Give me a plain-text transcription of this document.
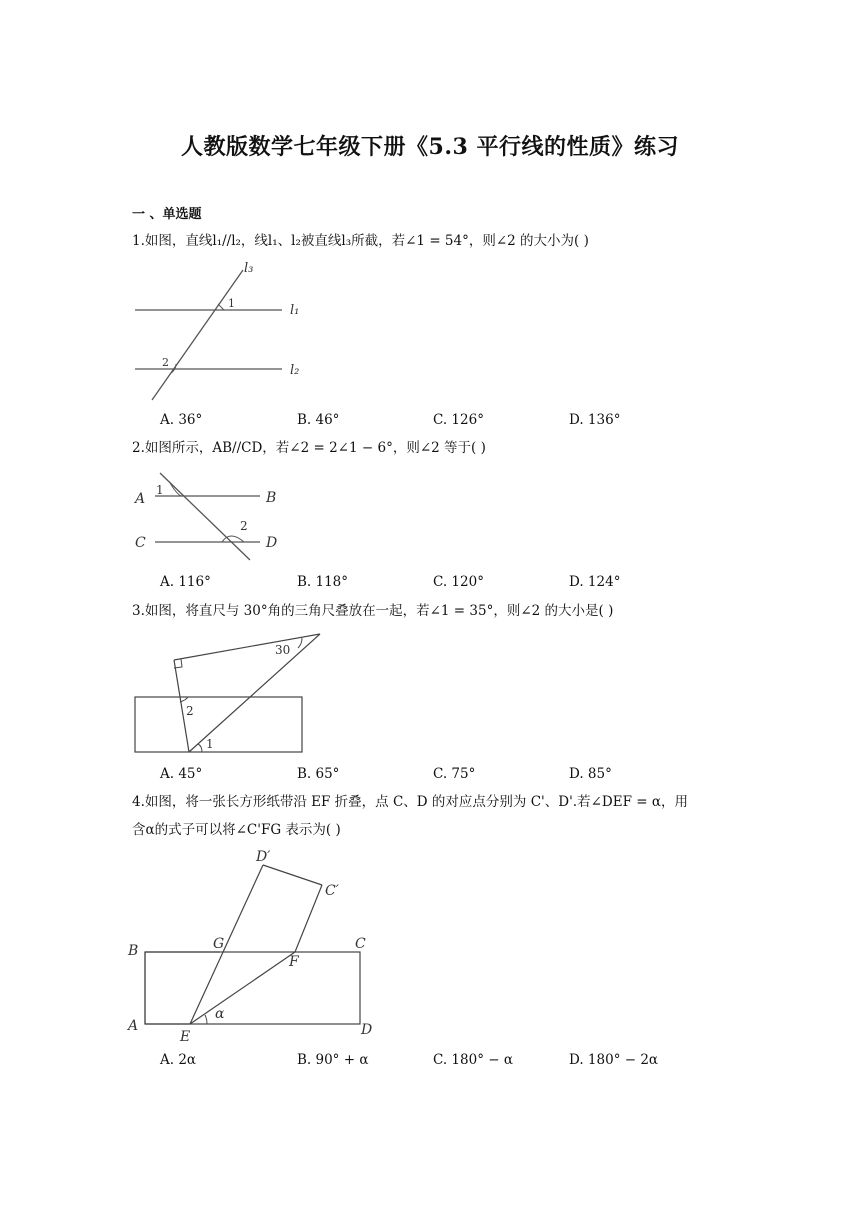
人教版数学七年级下册《5.3 平行线的性质》练习
一 、单选题
1.如图，直线l₁//l₂，线l₁、l₂被直线l₃所截，若∠1 = 54°，则∠2 的大小为( )
l₃
l₁
l₂
1
2
A. 36°	B. 46°	C. 126°	D. 136°
2.如图所示，AB//CD，若∠2 = 2∠1 − 6°，则∠2 等于( )
A	B
C	D
1
2
A. 116°	B. 118°	C. 120°	D. 124°
3.如图，将直尺与 30°角的三角尺叠放在一起，若∠1 = 35°，则∠2 的大小是( )
30
2
1
A. 45°	B. 65°	C. 75°	D. 85°
4.如图，将一张长方形纸带沿 EF 折叠，点 C、D 的对应点分别为 C'、D'.若∠DEF = α，用
含α的式子可以将∠C'FG 表示为( )
D′
C′
B	G	C
F
A
E	D
α
A. 2α	B. 90° + α	C. 180° − α	D. 180° − 2α
